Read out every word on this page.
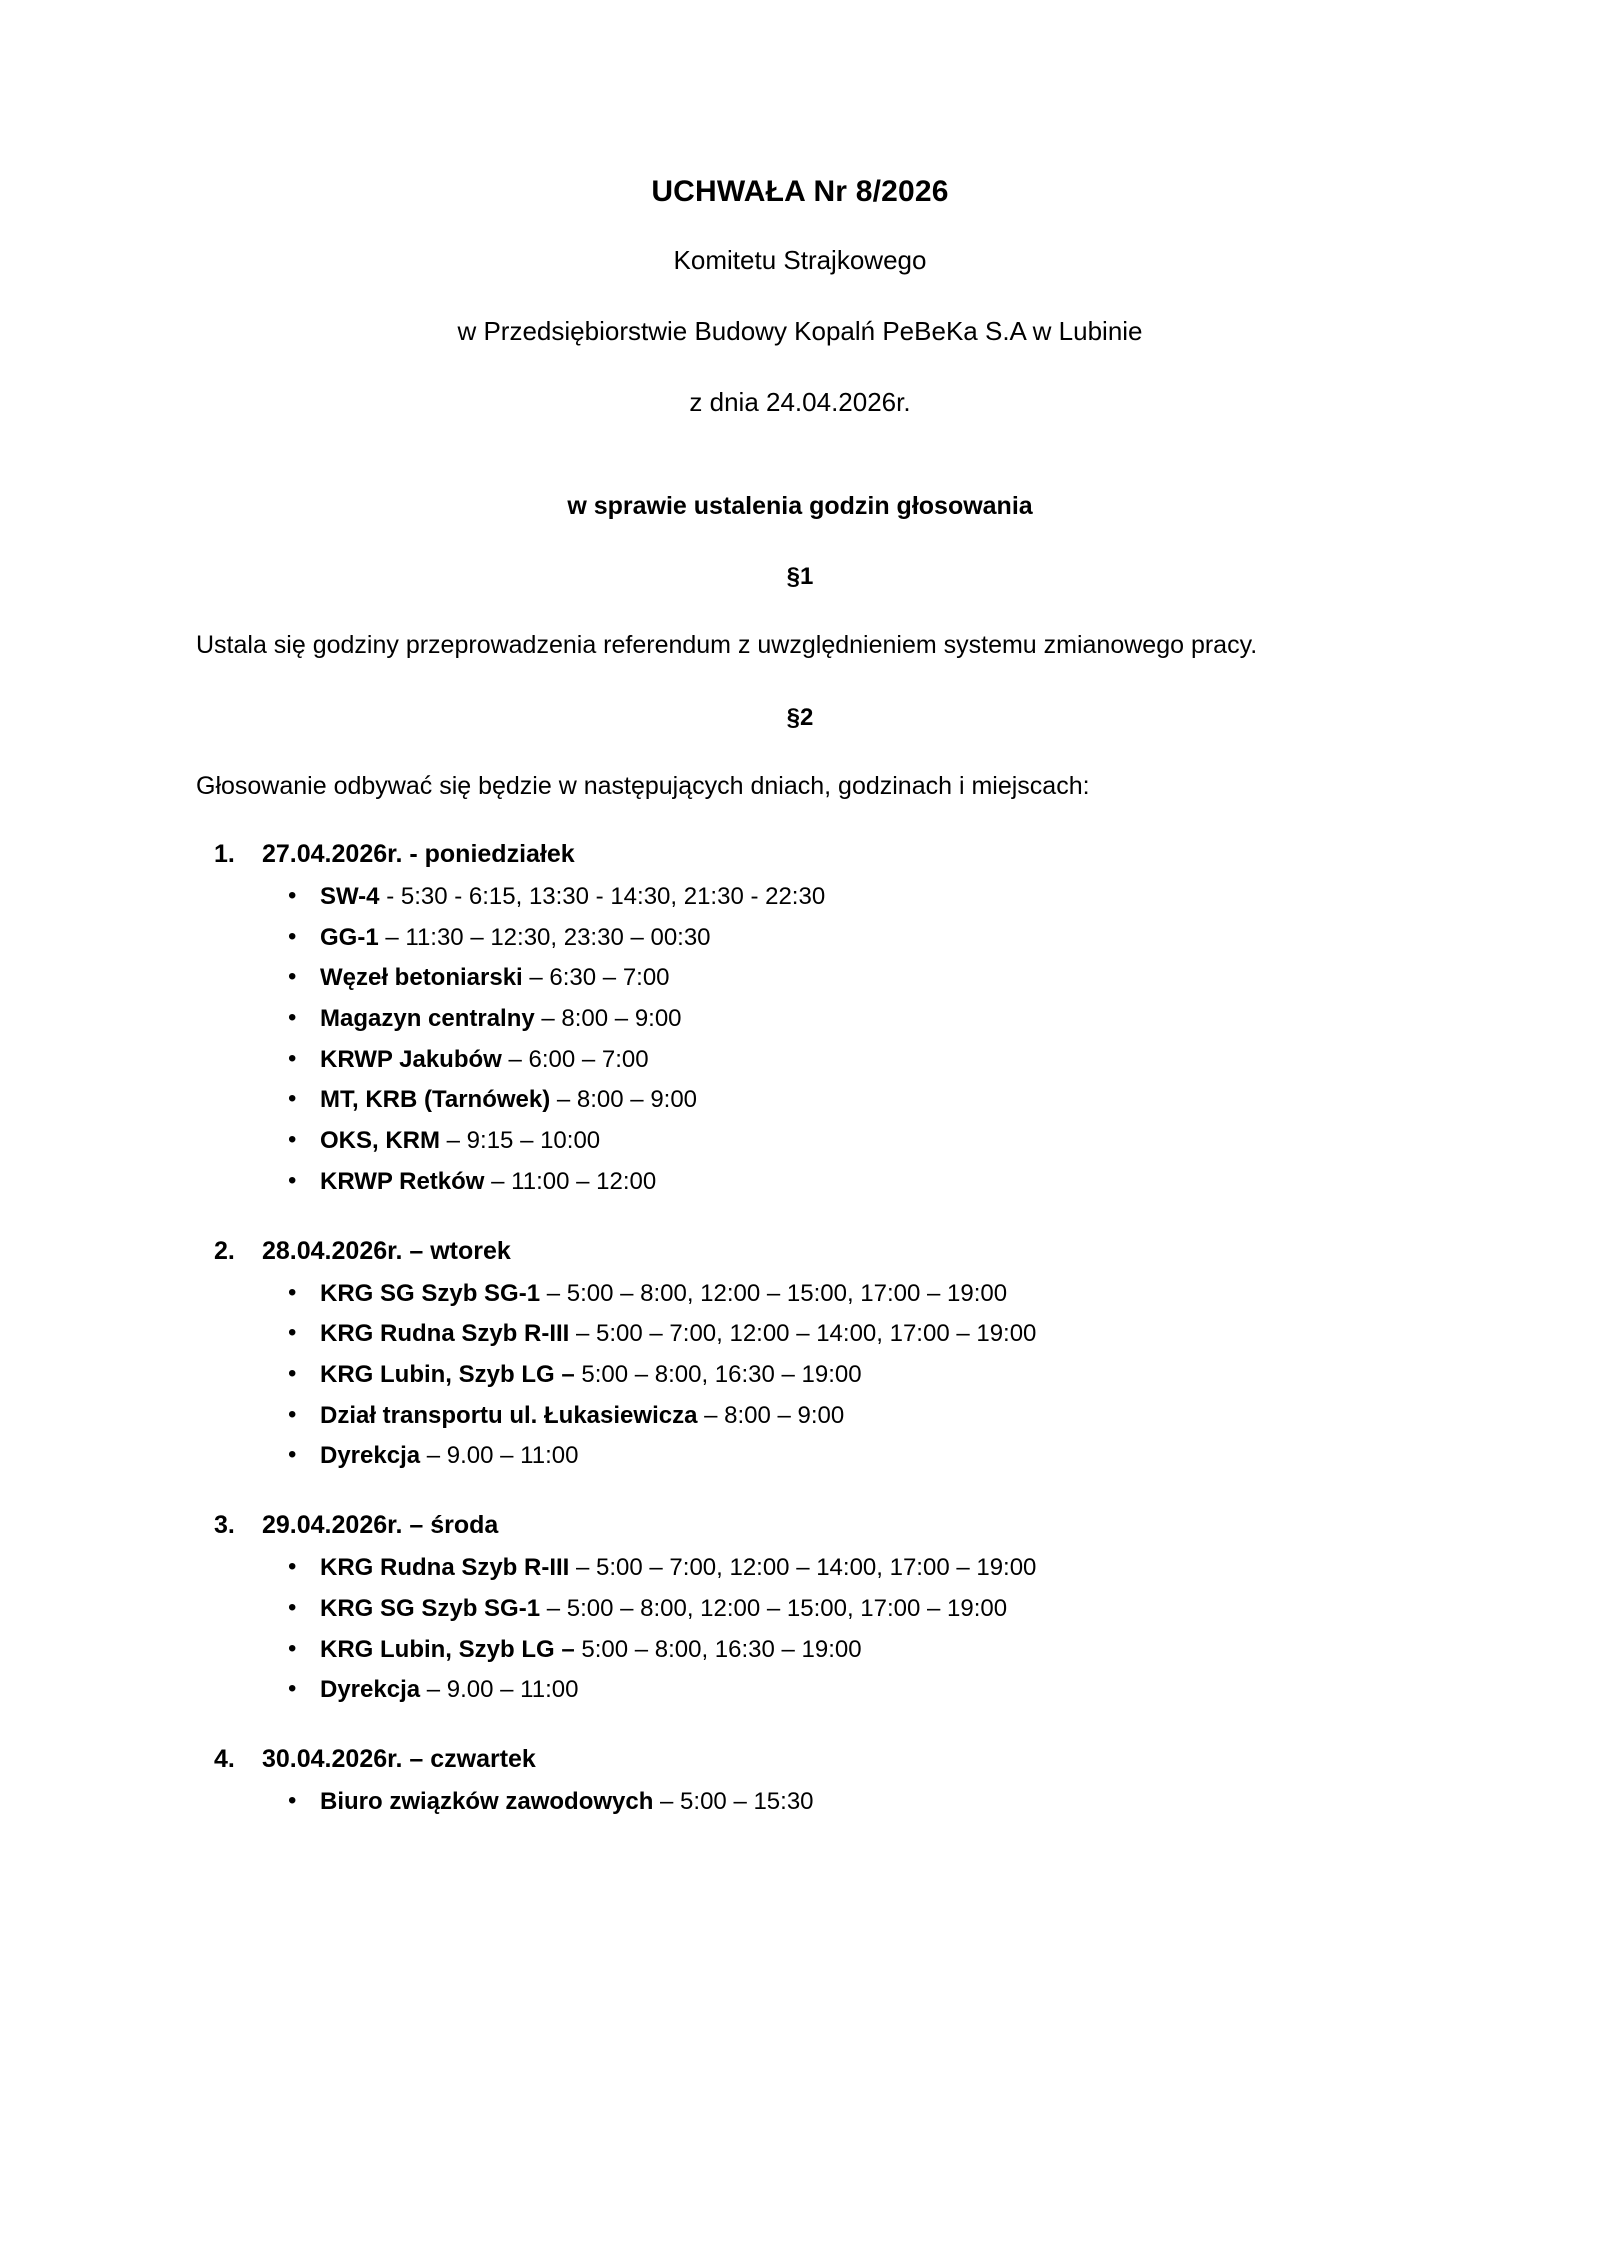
UCHWAŁA Nr 8/2026
Komitetu Strajkowego
w Przedsiębiorstwie Budowy Kopalń PeBeKa S.A w Lubinie
z dnia 24.04.2026r.
w sprawie ustalenia godzin głosowania
§1

Ustala się godziny przeprowadzenia referendum z uwzględnieniem systemu zmianowego pracy.

§2

Głosowanie odbywać się będzie w następujących dniach, godzinach i miejscach:

27.04.2026r. - poniedziałek
• SW-4 - 5:30 - 6:15, 13:30 - 14:30, 21:30 - 22:30
• GG-1 – 11:30 – 12:30, 23:30 – 00:30
• Węzeł betoniarski – 6:30 – 7:00
• Magazyn centralny – 8:00 – 9:00
• KRWP Jakubów – 6:00 – 7:00
• MT, KRB (Tarnówek) – 8:00 – 9:00
• OKS, KRM – 9:15 – 10:00
• KRWP Retków – 11:00 – 12:00
28.04.2026r. – wtorek
• KRG SG Szyb SG-1 – 5:00 – 8:00, 12:00 – 15:00, 17:00 – 19:00
• KRG Rudna Szyb R-III – 5:00 – 7:00, 12:00 – 14:00, 17:00 – 19:00
• KRG Lubin, Szyb LG – 5:00 – 8:00, 16:30 – 19:00
• Dział transportu ul. Łukasiewicza – 8:00 – 9:00
• Dyrekcja – 9.00 – 11:00
29.04.2026r. – środa
• KRG Rudna Szyb R-III – 5:00 – 7:00, 12:00 – 14:00, 17:00 – 19:00
• KRG SG Szyb SG-1 – 5:00 – 8:00, 12:00 – 15:00, 17:00 – 19:00
• KRG Lubin, Szyb LG – 5:00 – 8:00, 16:30 – 19:00
• Dyrekcja – 9.00 – 11:00
30.04.2026r. – czwartek
• Biuro związków zawodowych – 5:00 – 15:30
